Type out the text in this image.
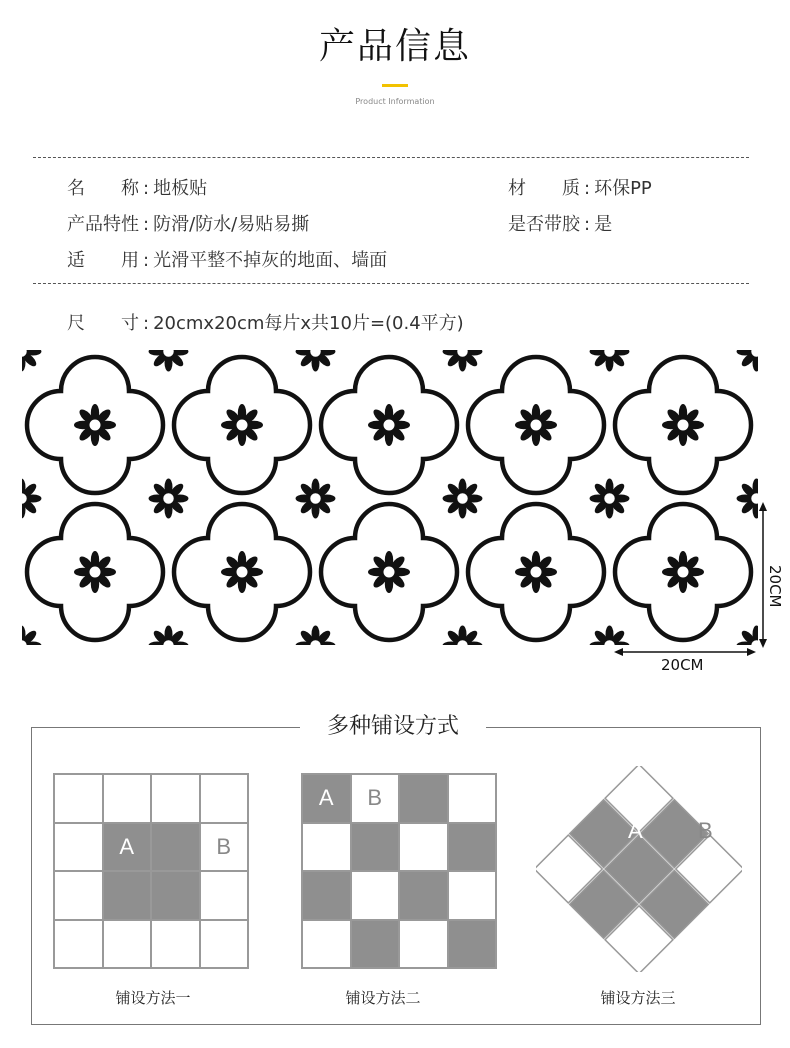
产品信息
Product Information
名　　称 : 地板贴	材　　质 : 环保PP
产品特性 : 防滑/防水/易贴易撕	是否带胶 : 是
适　　用 : 光滑平整不掉灰的地面、墙面
尺　　寸 : 20cmx20cm每片x共10片=(0.4平方)
20CM
20CM
多种铺设方式
A	B
铺设方法一
A	B
铺设方法二
A	B
铺设方法三
